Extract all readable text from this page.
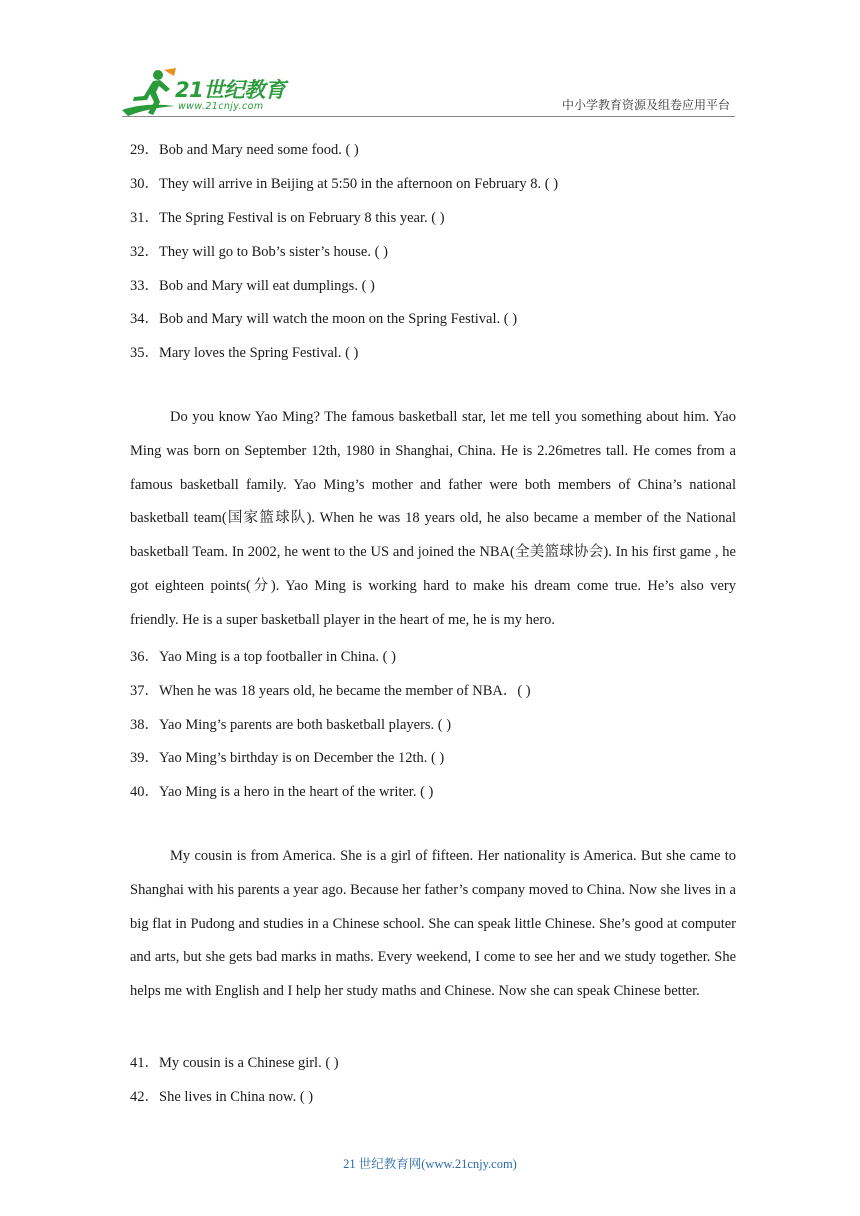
21世纪教育
www.21cnjy.com	中小学教育资源及组卷应用平台
29．Bob and Mary need some food. ( )
30．They will arrive in Beijing at 5:50 in the afternoon on February 8. ( )
31．The Spring Festival is on February 8 this year. ( )
32．They will go to Bob’s sister’s house. ( )
33．Bob and Mary will eat dumplings. ( )
34．Bob and Mary will watch the moon on the Spring Festival. ( )
35．Mary loves the Spring Festival. ( )

Do you know Yao Ming? The famous basketball star, let me tell you something about him. Yao Ming was born on September 12th, 1980 in Shanghai, China. He is 2.26metres tall. He comes from a famous basketball family. Yao Ming’s mother and father were both members of China’s national basketball team(国家篮球队). When he was 18 years old, he also became a member of the National basketball Team. In 2002, he went to the US and joined the NBA(全美篮球协会). In his first game , he got eighteen points(分). Yao Ming is working hard to make his dream come true. He’s also very friendly. He is a super basketball player in the heart of me, he is my hero.

36．Yao Ming is a top footballer in China. ( )
37．When he was 18 years old, he became the member of NBA．( )
38．Yao Ming’s parents are both basketball players. ( )
39．Yao Ming’s birthday is on December the 12th. ( )
40．Yao Ming is a hero in the heart of the writer. ( )

My cousin is from America. She is a girl of fifteen. Her nationality is America. But she came to Shanghai with his parents a year ago. Because her father’s company moved to China. Now she lives in a big flat in Pudong and studies in a Chinese school. She can speak little Chinese. She’s good at computer and arts, but she gets bad marks in maths. Every weekend, I come to see her and we study together. She helps me with English and I help her study maths and Chinese. Now she can speak Chinese better.

41．My cousin is a Chinese girl. ( )
42．She lives in China now. ( )
21 世纪教育网(www.21cnjy.com)
